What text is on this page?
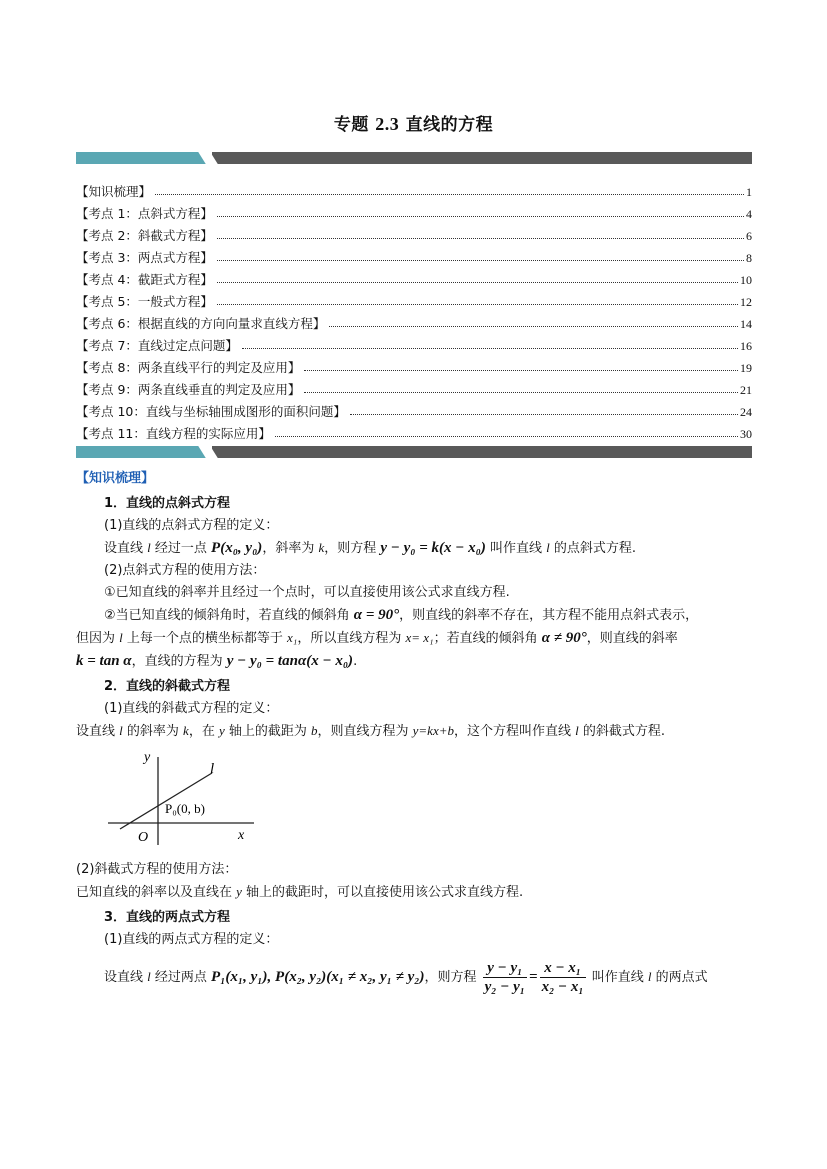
专题 2.3 直线的方程
【知识梳理】	1
【考点 1：点斜式方程】	4
【考点 2：斜截式方程】	6
【考点 3：两点式方程】	8
【考点 4：截距式方程】	10
【考点 5：一般式方程】	12
【考点 6：根据直线的方向向量求直线方程】	14
【考点 7：直线过定点问题】	16
【考点 8：两条直线平行的判定及应用】	19
【考点 9：两条直线垂直的判定及应用】	21
【考点 10：直线与坐标轴围成图形的面积问题】	24
【考点 11：直线方程的实际应用】	30
【知识梳理】
1．直线的点斜式方程
(1)直线的点斜式方程的定义：
设直线 l 经过一点 P(x₀, y₀)，斜率为 k，则方程 y − y₀ = k(x − x₀) 叫作直线 l 的点斜式方程.
(2)点斜式方程的使用方法：
①已知直线的斜率并且经过一个点时，可以直接使用该公式求直线方程.
②当已知直线的倾斜角时，若直线的倾斜角 α = 90°，则直线的斜率不存在，其方程不能用点斜式表示，
但因为 l 上每一个点的横坐标都等于 x₁，所以直线方程为 x= x₁；若直线的倾斜角 α ≠ 90°，则直线的斜率
k = tan α，直线的方程为 y − y₀ = tanα(x − x₀).
2．直线的斜截式方程
(1)直线的斜截式方程的定义：
设直线 l 的斜率为 k，在 y 轴上的截距为 b，则直线方程为 y=kx+b，这个方程叫作直线 l 的斜截式方程.
y
l
P₀(0, b)
O	x
(2)斜截式方程的使用方法：
已知直线的斜率以及直线在 y 轴上的截距时，可以直接使用该公式求直线方程.
3．直线的两点式方程
(1)直线的两点式方程的定义：
设直线 l 经过两点 P₁(x₁, y₁), P(x₂, y₂)(x₁ ≠ x₂, y₁ ≠ y₂)，则方程 $\frac{\text{y − y₁}}{\text{y₂ − y₁}} = \frac{\text{x − x₁}}{\text{x₂ − x₁}}$ 叫作直线 l 的两点式
